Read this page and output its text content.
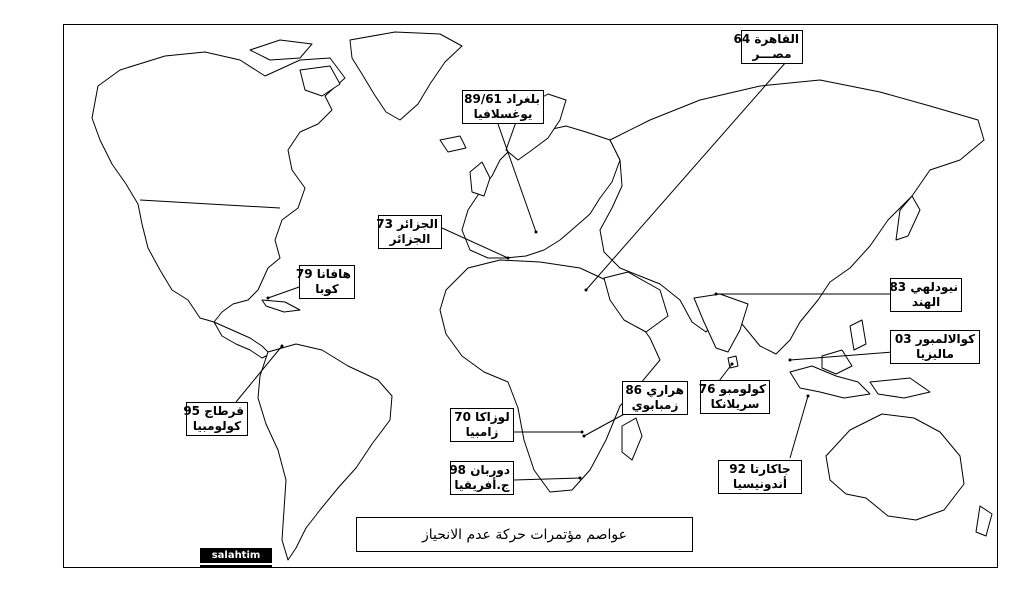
القاهرة 64
مصـــر
بلغراد 89/61
يوغسلافيا
الجزائر 73
الجزائر
هافانا 79
كوبا	نيودلهي 83
الهند
كوالالمبور 03
ماليزيا
قرطاج 95
كولومبيا
كولومبو 76
سريلانكا
هراري 86
زمبابوي
لوزاكا 70
زامبيا
دوربان 98
ج.أفريقيا
جاكارتا 92
أندونيسيا
عواصم مؤتمرات حركة عدم الانحياز
salahtim
